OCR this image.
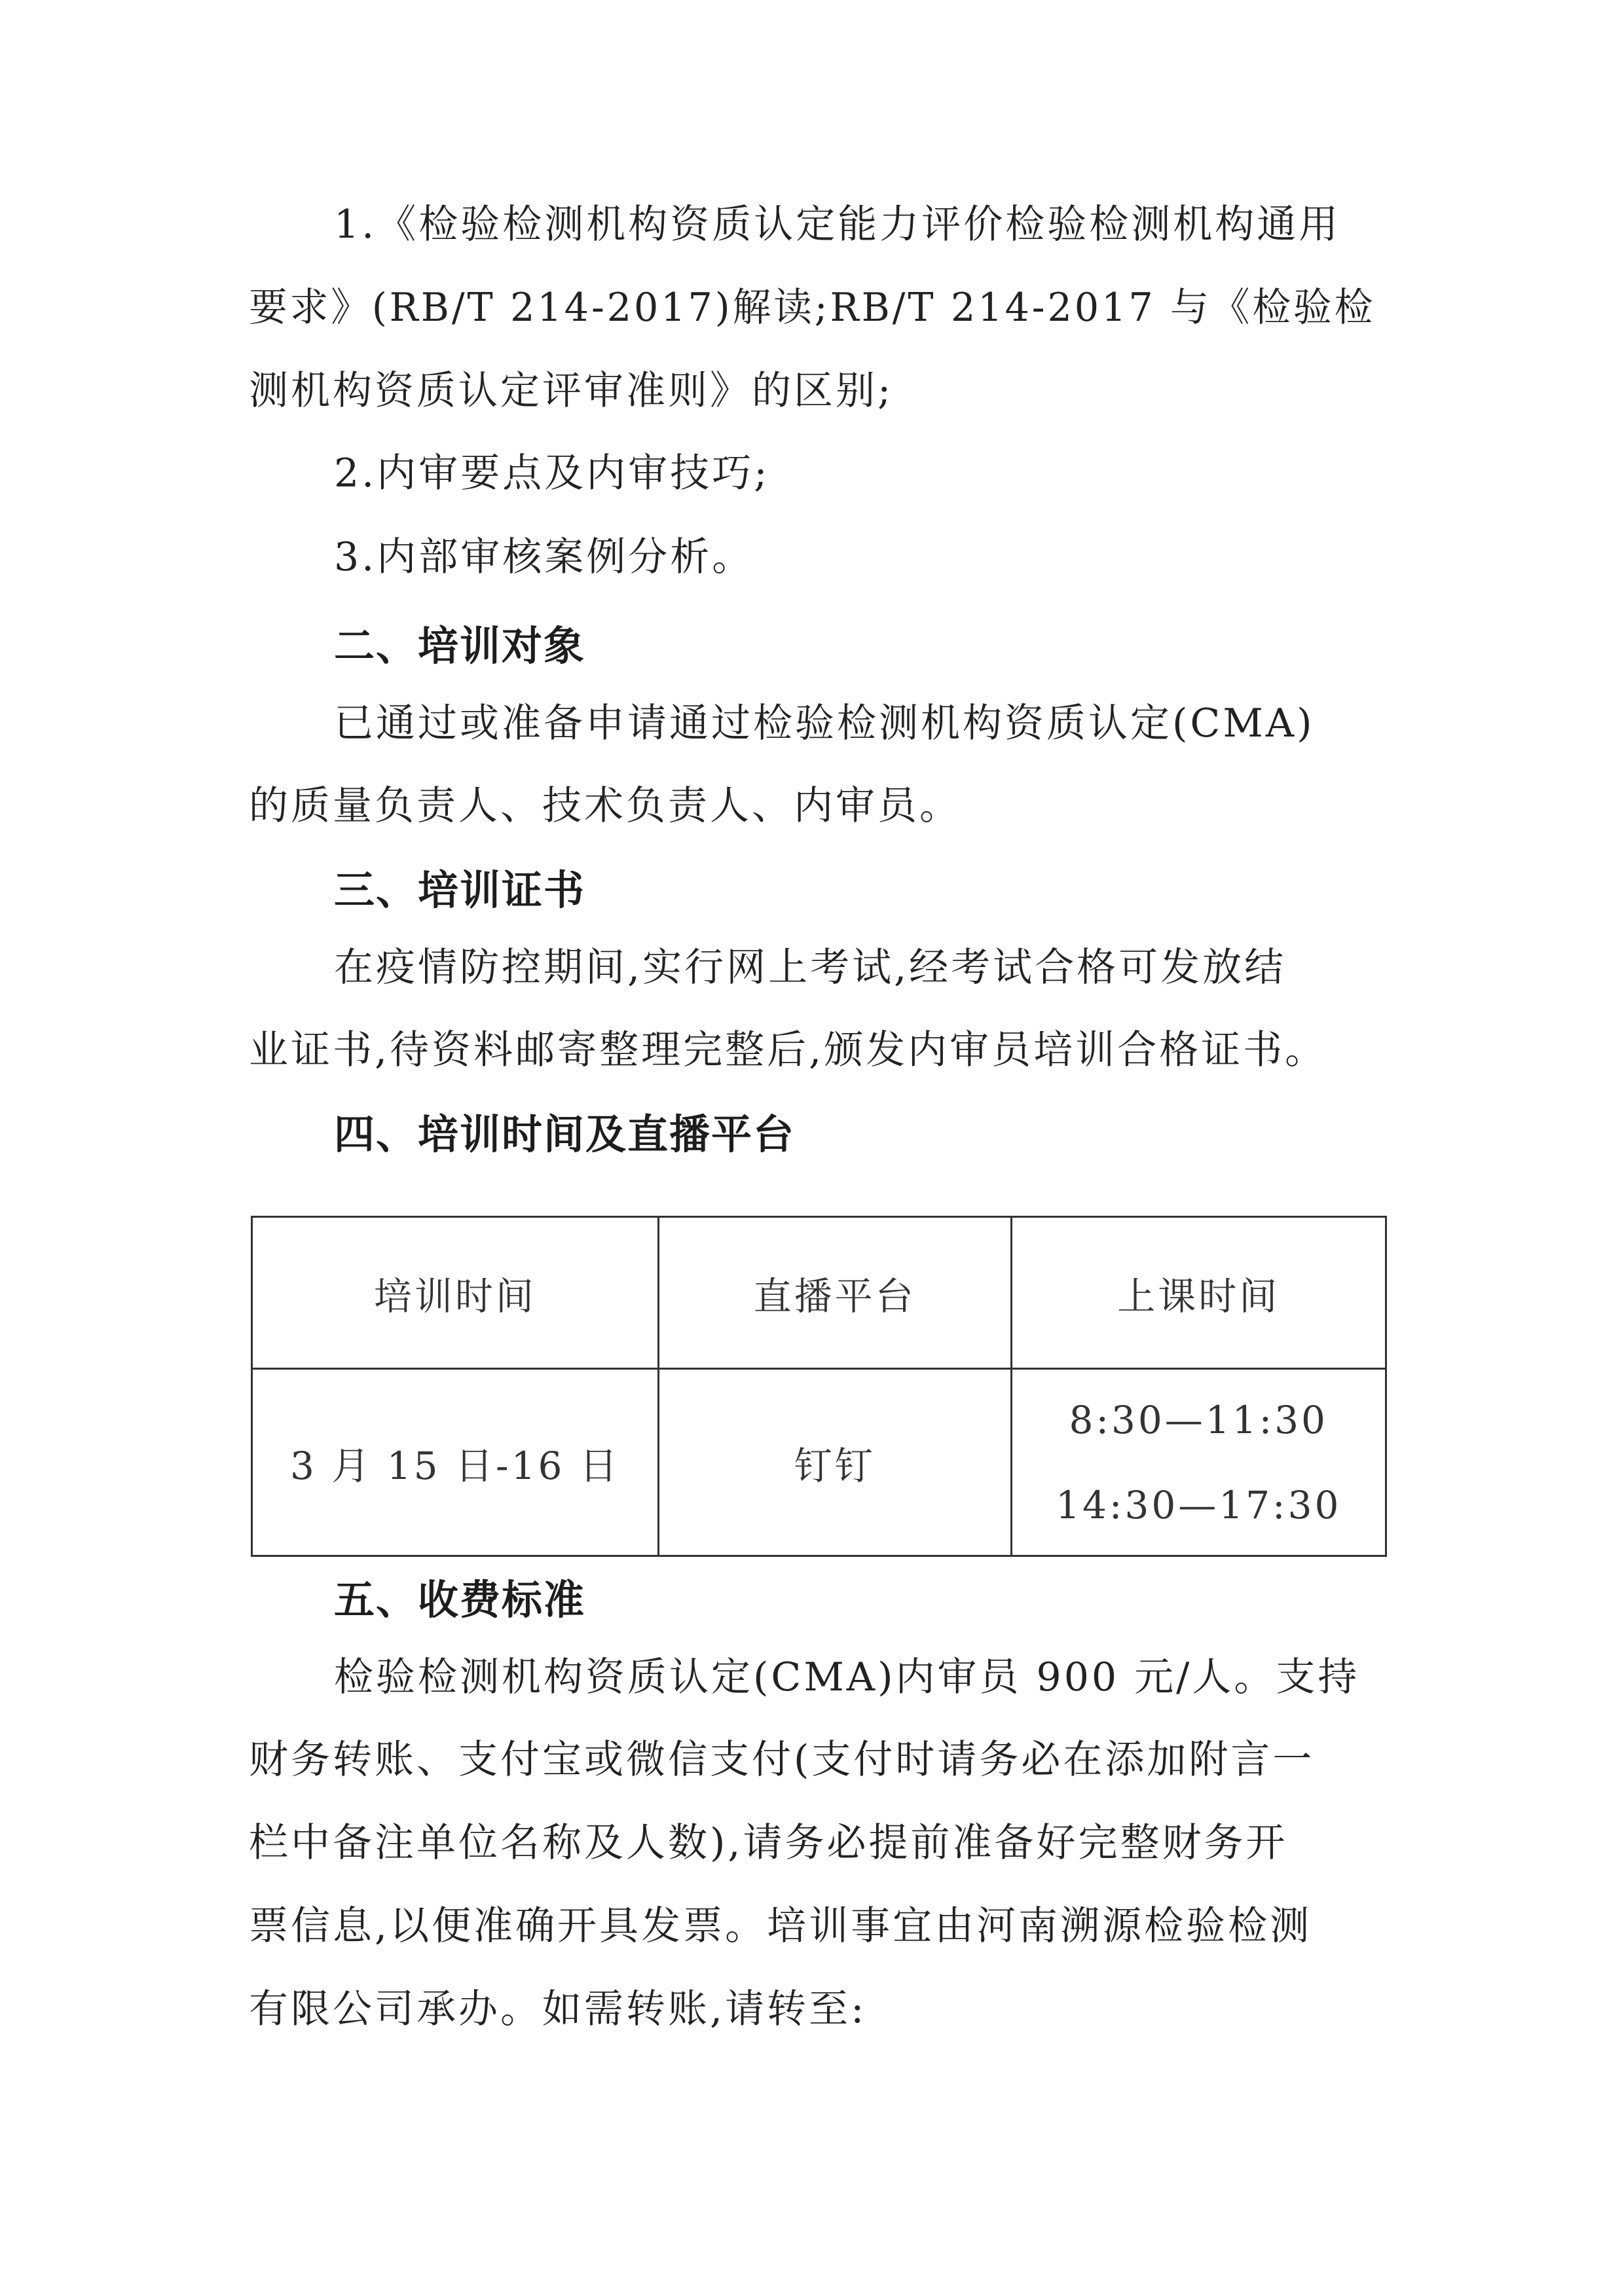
1.《检验检测机构资质认定能力评价检验检测机构通用
要求》(RB/T 214-2017)解读;RB/T 214-2017 与《检验检
测机构资质认定评审准则》的区别;
2.内审要点及内审技巧;
3.内部审核案例分析。
二、培训对象
已通过或准备申请通过检验检测机构资质认定(CMA)
的质量负责人、技术负责人、内审员。
三、培训证书
在疫情防控期间,实行网上考试,经考试合格可发放结
业证书,待资料邮寄整理完整后,颁发内审员培训合格证书。
四、培训时间及直播平台
培训时间	直播平台	上课时间
3 月 15 日-16 日	钉钉	8:30—11:30
14:30—17:30
五、收费标准
检验检测机构资质认定(CMA)内审员 900 元/人。支持
财务转账、支付宝或微信支付(支付时请务必在添加附言一
栏中备注单位名称及人数),请务必提前准备好完整财务开
票信息,以便准确开具发票。培训事宜由河南溯源检验检测
有限公司承办。如需转账,请转至:
